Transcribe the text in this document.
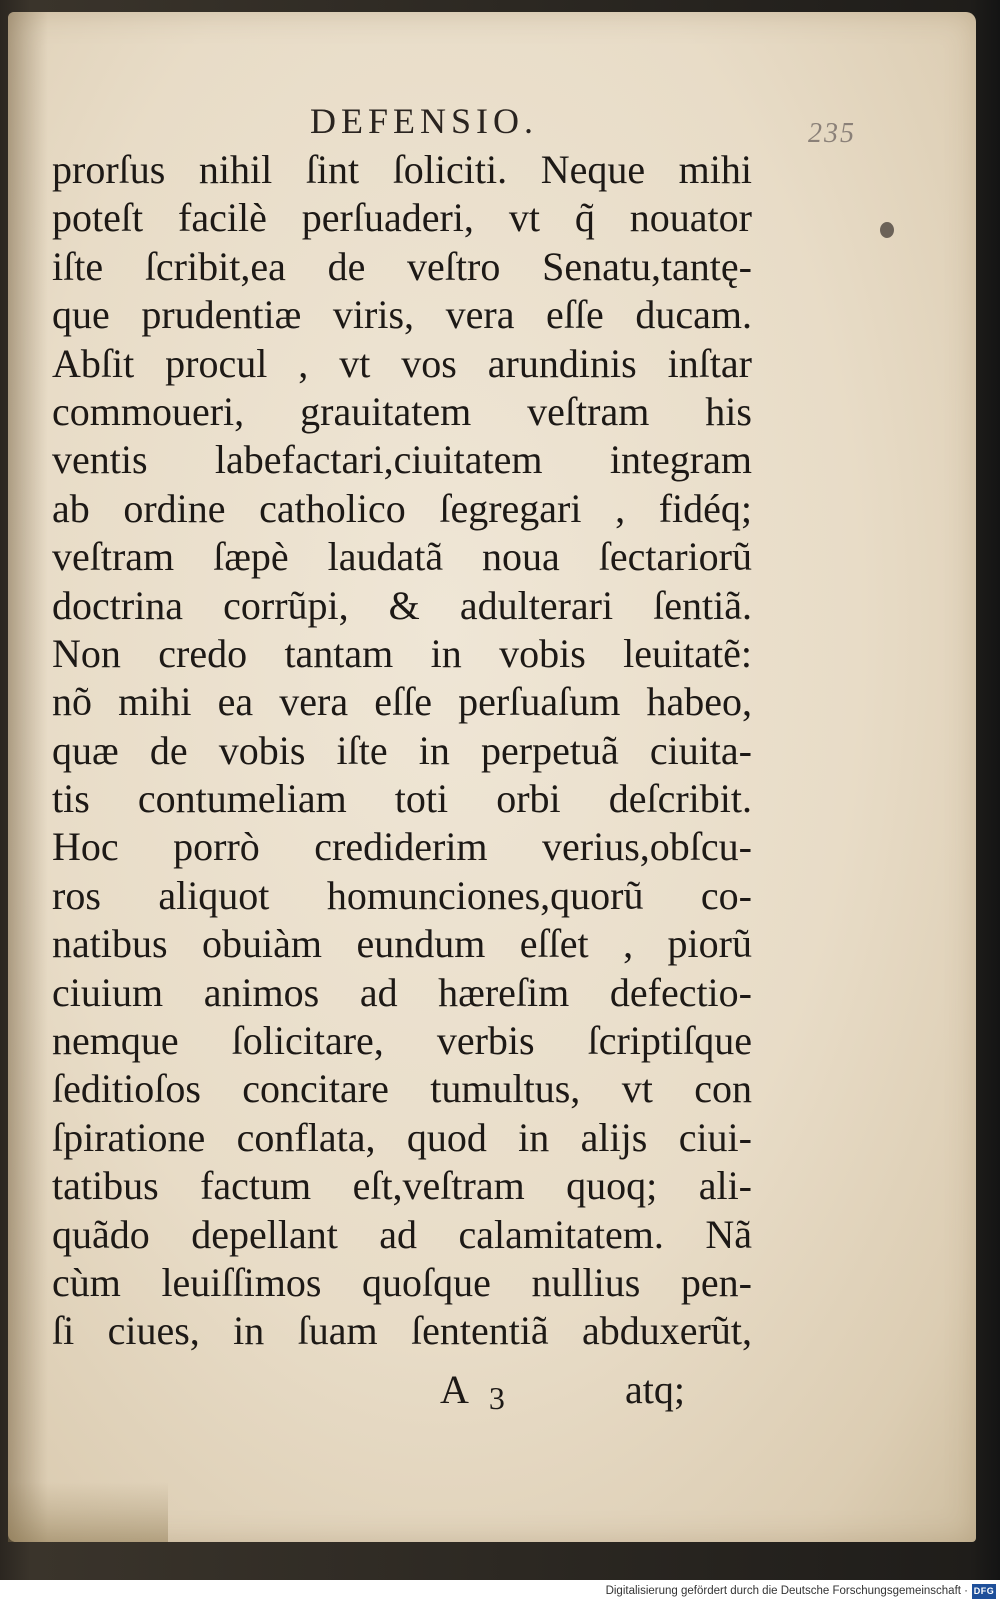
DEFENSIO.	235
prorſus nihil ſint ſoliciti. Neque mihi
poteſt facilè perſuaderi, vt q̃ nouator
iſte ſcribit,ea de veſtro Senatu,tantę-
que prudentiæ viris, vera eſſe ducam.
Abſit procul , vt vos arundinis inſtar
commoueri, grauitatem veſtram his
ventis labefactari,ciuitatem integram
ab ordine catholico ſegregari , fidéq;
veſtram ſæpè laudatã noua ſectariorũ
doctrina corrũpi, & adulterari ſentiã.
Non credo tantam in vobis leuitatẽ:
nõ mihi ea vera eſſe perſuaſum habeo,
quæ de vobis iſte in perpetuã ciuita-
tis contumeliam toti orbi deſcribit.
Hoc porrò crediderim verius,obſcu-
ros aliquot homunciones,quorũ co-
natibus obuiàm eundum eſſet , piorũ
ciuium animos ad hæreſim defectio-
nemque ſolicitare, verbis ſcriptiſque
ſeditioſos concitare tumultus, vt con
ſpiratione conflata, quod in alijs ciui-
tatibus factum eſt,veſtram quoq; ali-
quãdo depellant ad calamitatem. Nã
cùm leuiſſimos quoſque nullius pen-
ſi ciues, in ſuam ſententiã abduxerũt,
A 3	atq;
Digitalisierung gefördert durch die Deutsche Forschungsgemeinschaft · DFG
